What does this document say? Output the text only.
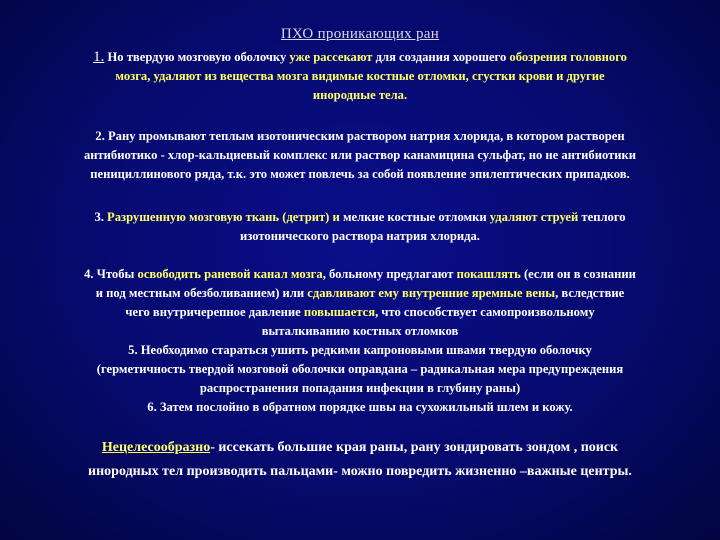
ПХО проникающих ран
1. Но твердую мозговую оболочку уже рассекают для создания хорошего обозрения головного
мозга, удаляют из вещества мозга видимые костные отломки, сгустки крови и другие
инородные тела.
2. Рану промывают теплым изотоническим раствором натрия хлорида, в котором растворен
антибиотико - хлор-кальциевый комплекс или раствор канамицина сульфат, но не антибиотики
пенициллинового ряда, т.к. это может повлечь за собой появление эпилептических припадков.
3. Разрушенную мозговую ткань (детрит) и мелкие костные отломки удаляют струей теплого
изотонического раствора натрия хлорида.
4. Чтобы освободить раневой канал мозга, больному предлагают покашлять (если он в сознании
и под местным обезболиванием) или сдавливают ему внутренние яремные вены, вследствие
чего внутричерепное давление повышается, что способствует самопроизвольному
выталкиванию костных отломков
5. Необходимо стараться ушить редкими капроновыми швами твердую оболочку
(герметичность твердой мозговой оболочки оправдана – радикальная мера предупреждения
распространения попадания инфекции в глубину раны)
6. Затем послойно в обратном порядке швы на сухожильный шлем и кожу.
Нецелесообразно- иссекать большие края раны, рану зондировать зондом , поиск
инородных тел производить пальцами- можно повредить жизненно –важные центры.
